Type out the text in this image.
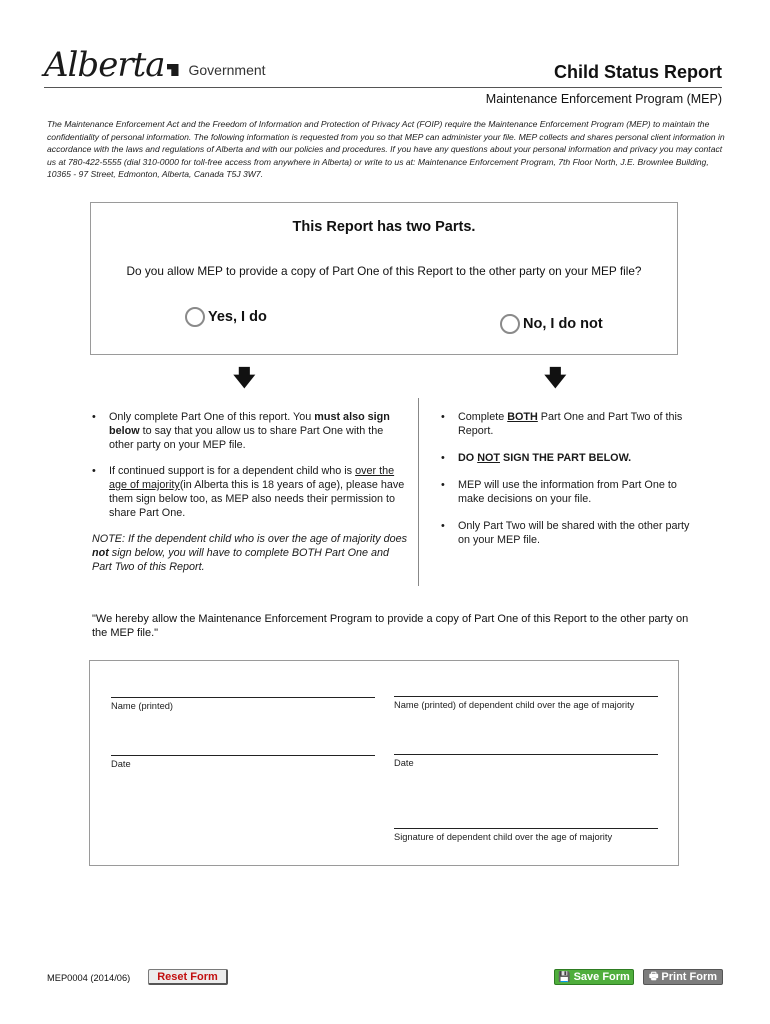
Alberta Government	Child Status Report
Maintenance Enforcement Program (MEP)
The Maintenance Enforcement Act and the Freedom of Information and Protection of Privacy Act (FOIP) require the Maintenance Enforcement Program (MEP) to maintain the confidentiality of personal information. The following information is requested from you so that MEP can administer your file. MEP collects and shares personal client information in accordance with the laws and regulations of Alberta and with our policies and procedures. If you have any questions about your personal information and privacy you may contact us at 780-422-5555 (dial 310-0000 for toll-free access from anywhere in Alberta) or write to us at: Maintenance Enforcement Program, 7th Floor North, J.E. Brownlee Building, 10365 - 97 Street, Edmonton, Alberta, Canada T5J 3W7.
This Report has two Parts.
Do you allow MEP to provide a copy of Part One of this Report to the other party on your MEP file?
Yes, I do	No, I do not
🡇	🡇
•	Only complete Part One of this report. You must also sign below to say that you allow us to share Part One with the other party on your MEP file.
•	If continued support is for a dependent child who is over the age of majority(in Alberta this is 18 years of age), please have them sign below too, as MEP also needs their permission to share Part One.
NOTE: If the dependent child who is over the age of majority does not sign below, you will have to complete BOTH Part One and Part Two of this Report.
•	Complete BOTH Part One and Part Two of this Report.
•	DO NOT SIGN THE PART BELOW.
•	MEP will use the information from Part One to make decisions on your file.
•	Only Part Two will be shared with the other party on your MEP file.
"We hereby allow the Maintenance Enforcement Program to provide a copy of Part One of this Report to the other party on the MEP file."
Name (printed)	Name (printed) of dependent child over the age of majority
Date	Date
Signature of dependent child over the age of majority
MEP0004 (2014/06) Reset Form	💾 Save Form 🖶 Print Form
